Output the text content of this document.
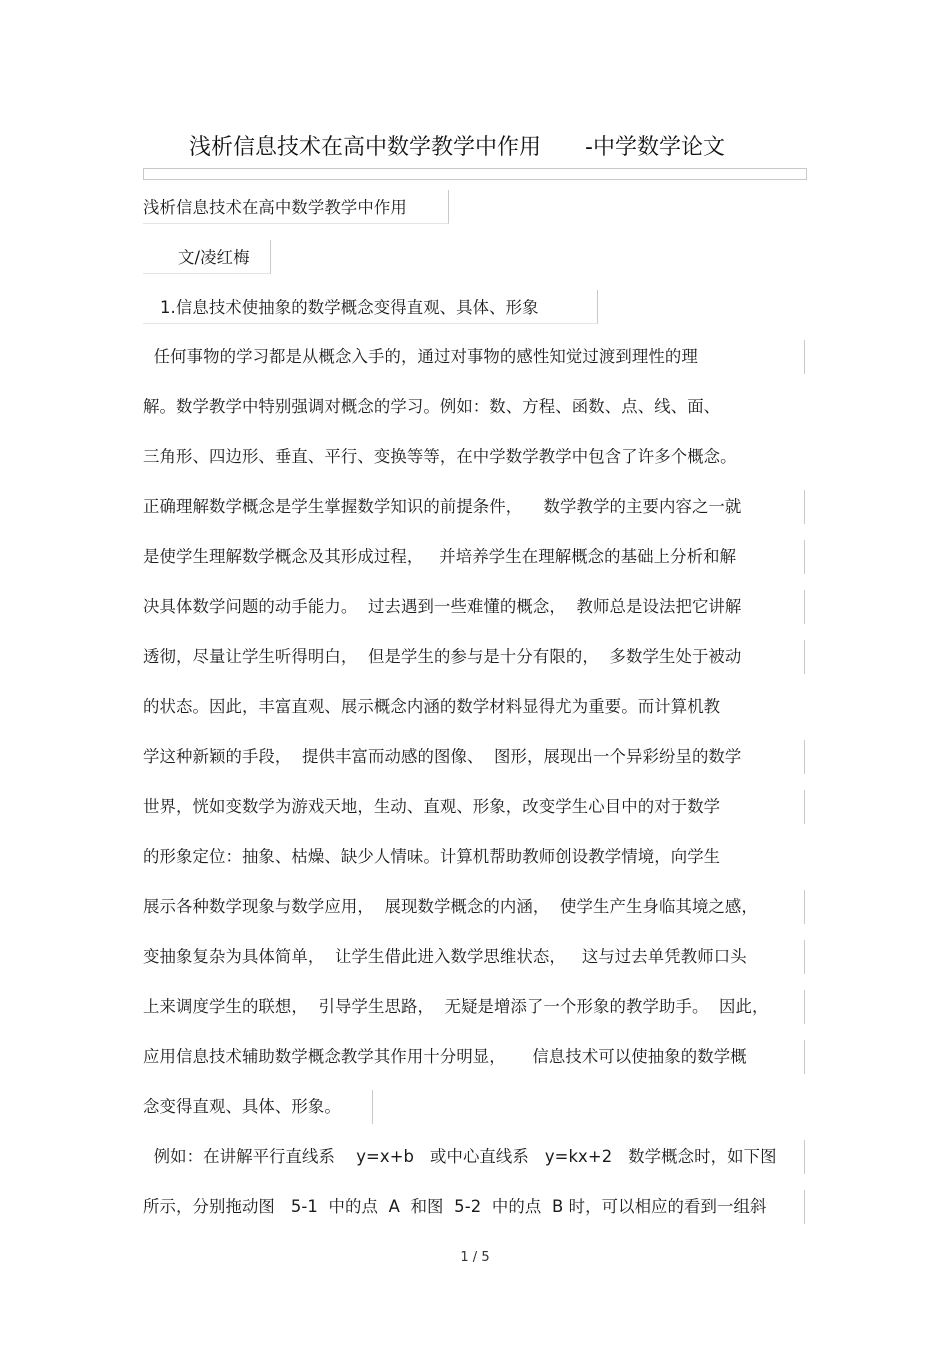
浅析信息技术在高中数学教学中作用 -中学数学论文
浅析信息技术在高中数学教学中作用
文/凌红梅
1.信息技术使抽象的数学概念变得直观、具体、形象
任何事物的学习都是从概念入手的，通过对事物的感性知觉过渡到理性的理
解。数学教学中特别强调对概念的学习。例如：数、方程、函数、点、线、面、
三角形、四边形、垂直、平行、变换等等，在中学数学教学中包含了许多个概念。
正确理解数学概念是学生掌握数学知识的前提条件，    数学教学的主要内容之一就
是使学生理解数学概念及其形成过程，   并培养学生在理解概念的基础上分析和解
决具体数学问题的动手能力。  过去遇到一些难懂的概念，  教师总是设法把它讲解
透彻，尽量让学生听得明白，  但是学生的参与是十分有限的，  多数学生处于被动
的状态。因此，丰富直观、展示概念内涵的数学材料显得尤为重要。而计算机教
学这种新颖的手段，  提供丰富而动感的图像、  图形，展现出一个异彩纷呈的数学
世界，恍如变数学为游戏天地，生动、直观、形象，改变学生心目中的对于数学
的形象定位：抽象、枯燥、缺少人情味。计算机帮助教师创设教学情境，向学生
展示各种数学现象与数学应用，  展现数学概念的内涵，  使学生产生身临其境之感，
变抽象复杂为具体简单，  让学生借此进入数学思维状态，   这与过去单凭教师口头
上来调度学生的联想，  引导学生思路，  无疑是增添了一个形象的教学助手。  因此，
应用信息技术辅助数学概念教学其作用十分明显，     信息技术可以使抽象的数学概
念变得直观、具体、形象。
例如：在讲解平行直线系    y=x+b   或中心直线系   y=kx+2   数学概念时，如下图
所示，分别拖动图   5-1  中的点  A  和图  5-2  中的点  B 时，可以相应的看到一组斜
1 / 5
